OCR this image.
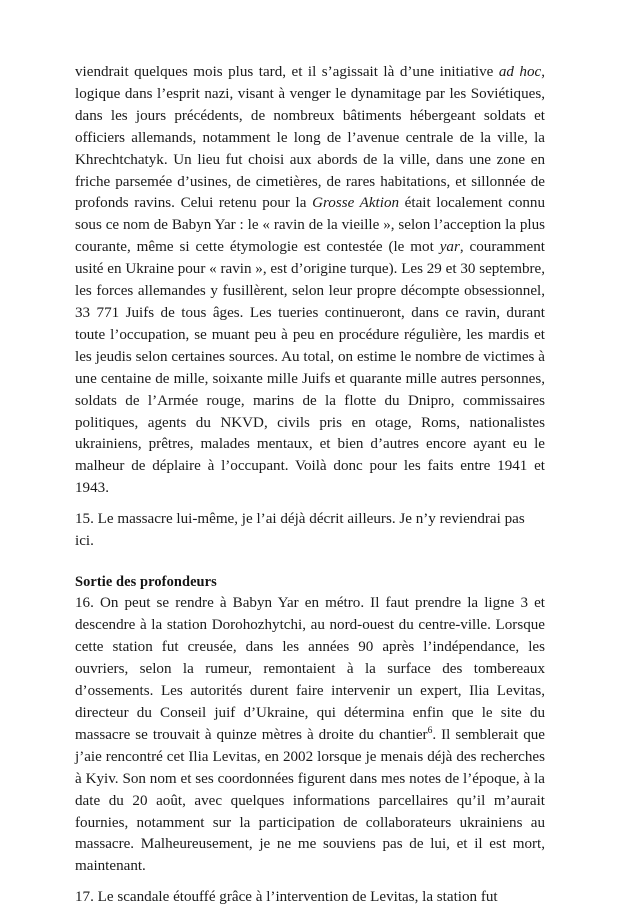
viendrait quelques mois plus tard, et il s’agissait là d’une initiative ad hoc, logique dans l’esprit nazi, visant à venger le dynamitage par les Soviétiques, dans les jours précédents, de nombreux bâtiments hébergeant soldats et officiers allemands, notamment le long de l’avenue centrale de la ville, la Khrechtchatyk. Un lieu fut choisi aux abords de la ville, dans une zone en friche parsemée d’usines, de cimetières, de rares habitations, et sillonnée de profonds ravins. Celui retenu pour la Grosse Aktion était localement connu sous ce nom de Babyn Yar : le « ravin de la vieille », selon l’acception la plus courante, même si cette étymologie est contestée (le mot yar, couramment usité en Ukraine pour « ravin », est d’origine turque). Les 29 et 30 septembre, les forces allemandes y fusillèrent, selon leur propre décompte obsessionnel, 33 771 Juifs de tous âges. Les tueries continueront, dans ce ravin, durant toute l’occupation, se muant peu à peu en procédure régulière, les mardis et les jeudis selon certaines sources. Au total, on estime le nombre de victimes à une centaine de mille, soixante mille Juifs et quarante mille autres personnes, soldats de l’Armée rouge, marins de la flotte du Dnipro, commissaires politiques, agents du NKVD, civils pris en otage, Roms, nationalistes ukrainiens, prêtres, malades mentaux, et bien d’autres encore ayant eu le malheur de déplaire à l’occupant. Voilà donc pour les faits entre 1941 et 1943.

15. Le massacre lui-même, je l’ai déjà décrit ailleurs. Je n’y reviendrai pas ici.

Sortie des profondeurs

16. On peut se rendre à Babyn Yar en métro. Il faut prendre la ligne 3 et descendre à la station Dorohozhytchi, au nord-ouest du centre-ville. Lorsque cette station fut creusée, dans les années 90 après l’indépendance, les ouvriers, selon la rumeur, remontaient à la surface des tombereaux d’ossements. Les autorités durent faire intervenir un expert, Ilia Levitas, directeur du Conseil juif d’Ukraine, qui détermina enfin que le site du massacre se trouvait à quinze mètres à droite du chantier$^6$. Il semblerait que j’aie rencontré cet Ilia Levitas, en 2002 lorsque je menais déjà des recherches à Kyiv. Son nom et ses coordonnées figurent dans mes notes de l’époque, à la date du 20 août, avec quelques informations parcellaires qu’il m’aurait fournies, notamment sur la participation de collaborateurs ukrainiens au massacre. Malheureusement, je ne me souviens pas de lui, et il est mort, maintenant.

17. Le scandale étouffé grâce à l’intervention de Levitas, la station fut
